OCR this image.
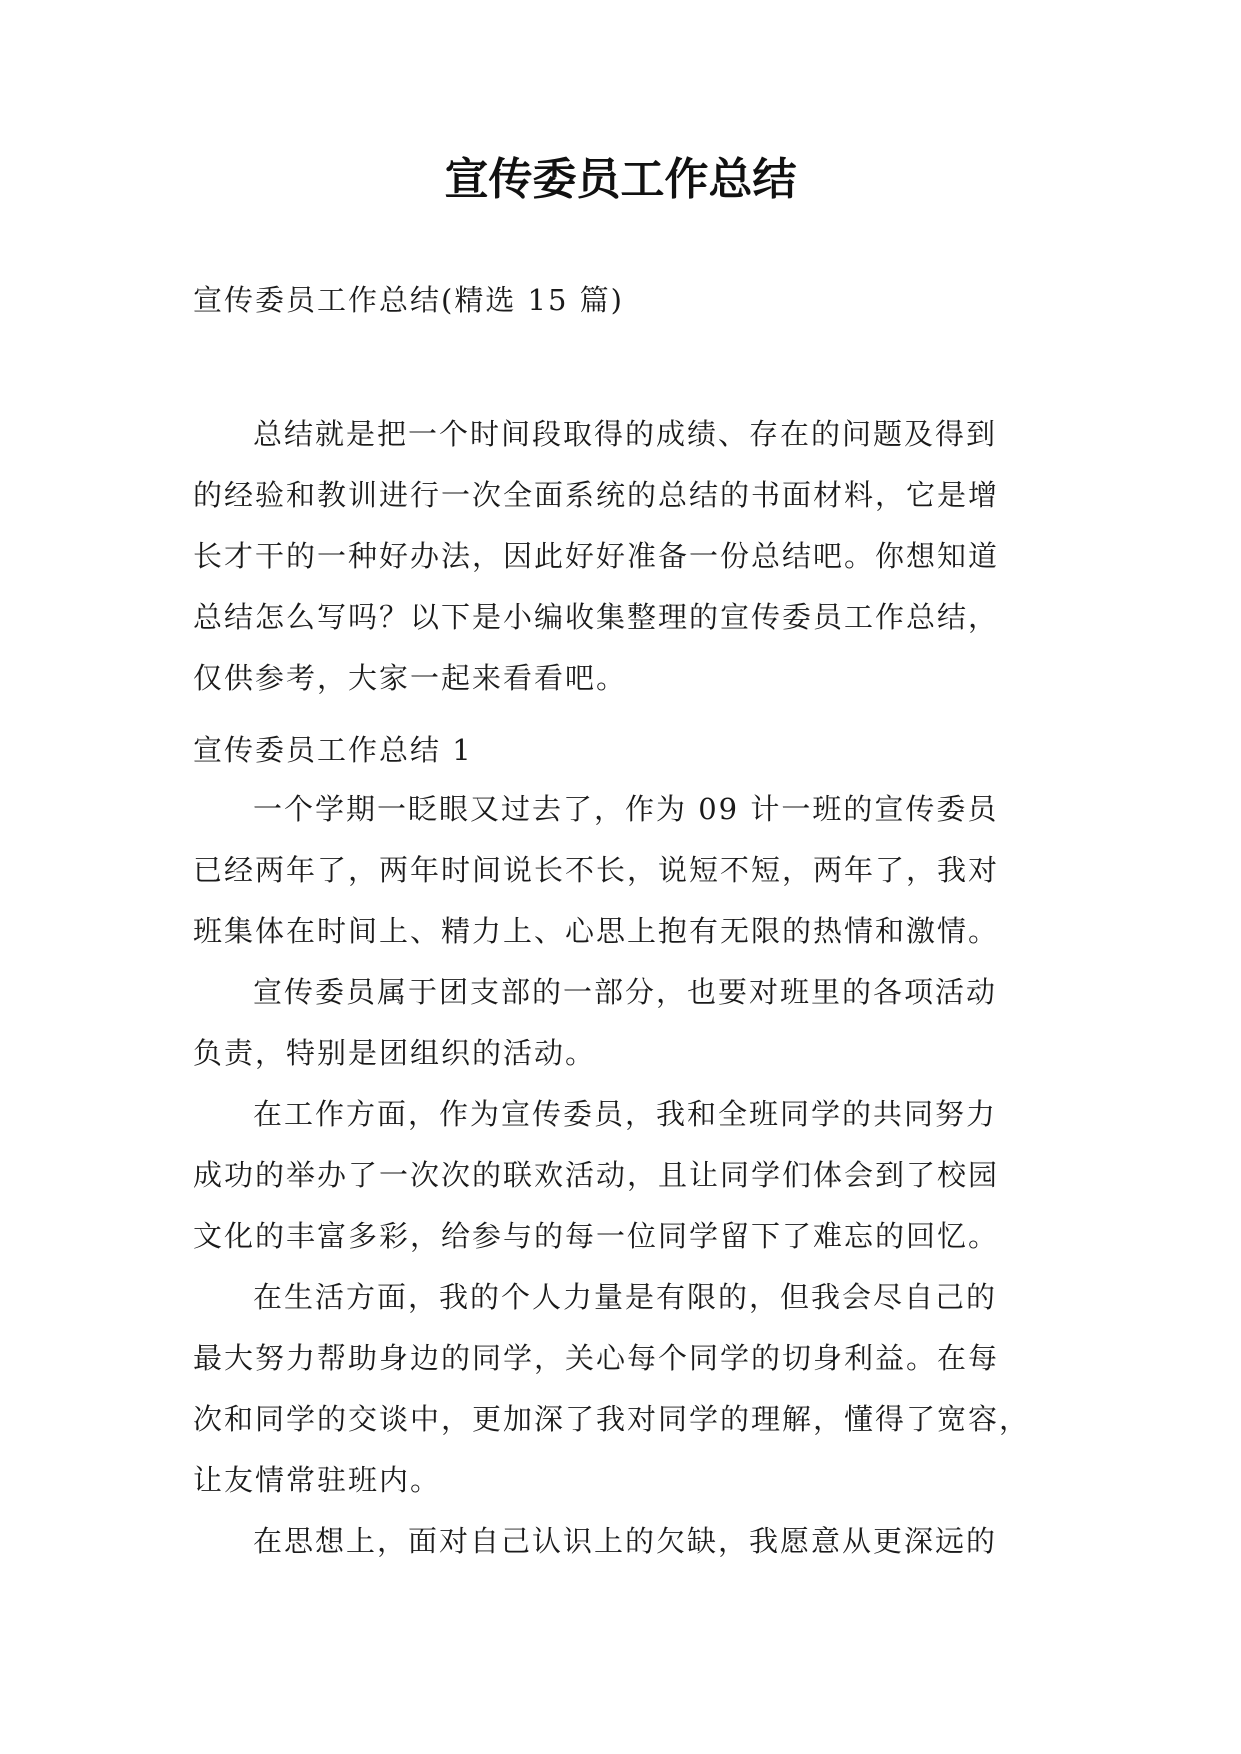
宣传委员工作总结
宣传委员工作总结(精选 15 篇)
总结就是把一个时间段取得的成绩、存在的问题及得到
的经验和教训进行一次全面系统的总结的书面材料，它是增
长才干的一种好办法，因此好好准备一份总结吧。你想知道
总结怎么写吗？以下是小编收集整理的宣传委员工作总结，
仅供参考，大家一起来看看吧。
宣传委员工作总结 1
一个学期一眨眼又过去了，作为 09 计一班的宣传委员
已经两年了，两年时间说长不长，说短不短，两年了，我对
班集体在时间上、精力上、心思上抱有无限的热情和激情。
宣传委员属于团支部的一部分，也要对班里的各项活动
负责，特别是团组织的活动。
在工作方面，作为宣传委员，我和全班同学的共同努力
成功的举办了一次次的联欢活动，且让同学们体会到了校园
文化的丰富多彩，给参与的每一位同学留下了难忘的回忆。
在生活方面，我的个人力量是有限的，但我会尽自己的
最大努力帮助身边的同学，关心每个同学的切身利益。在每
次和同学的交谈中，更加深了我对同学的理解，懂得了宽容，
让友情常驻班内。
在思想上，面对自己认识上的欠缺，我愿意从更深远的
